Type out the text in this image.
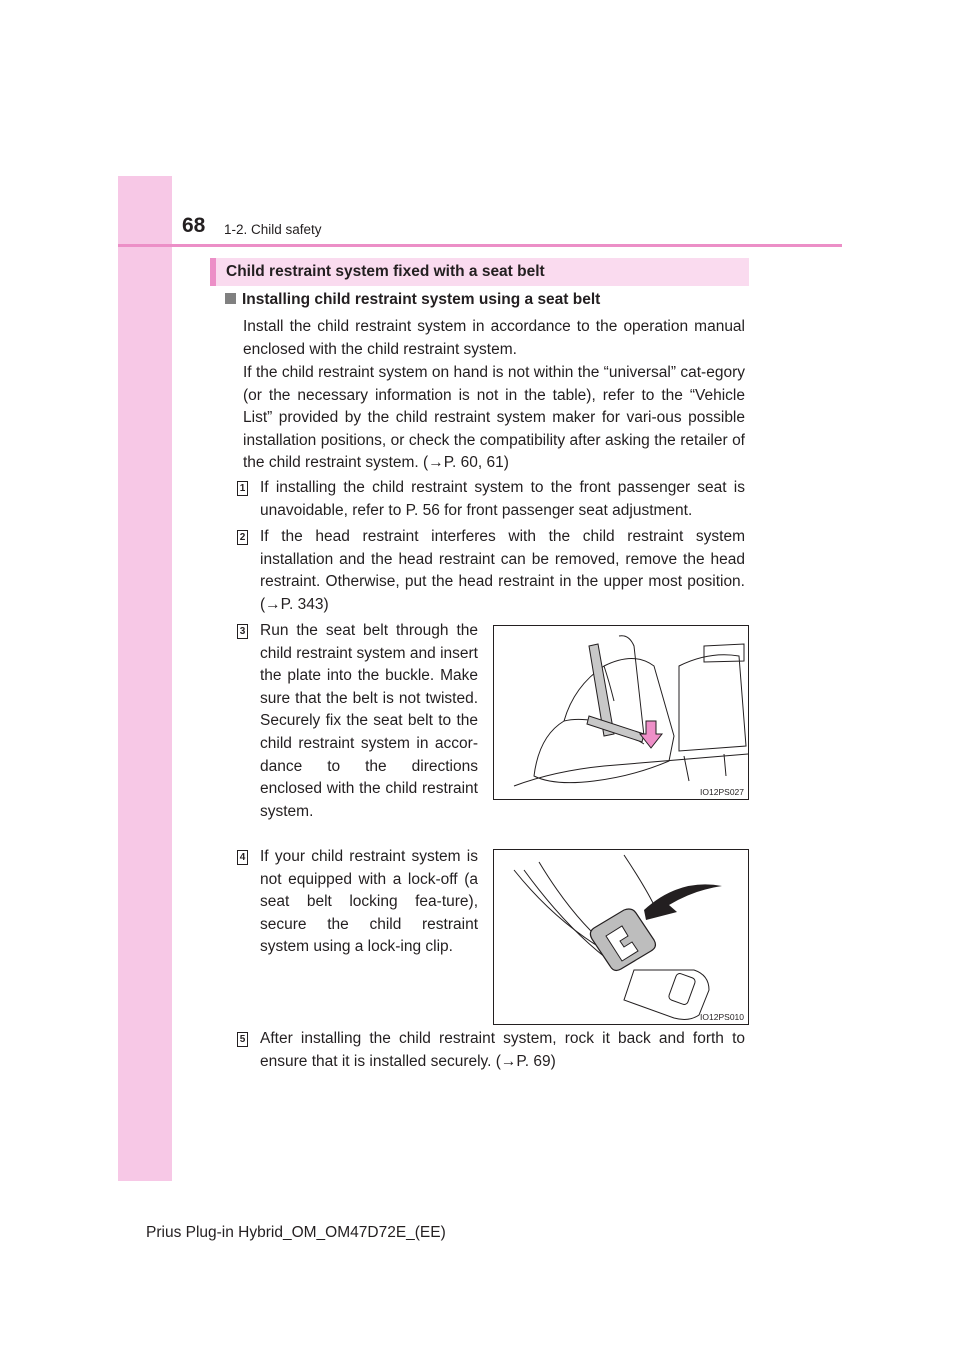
68 1-2. Child safety
Child restraint system fixed with a seat belt
Installing child restraint system using a seat belt

Install the child restraint system in accordance to the operation manual enclosed with the child restraint system.

If the child restraint system on hand is not within the “universal” cat-egory (or the necessary information is not in the table), refer to the “Vehicle List” provided by the child restraint system maker for vari-ous possible installation positions, or check the compatibility after asking the retailer of the child restraint system. (→P. 60, 61)

1 If installing the child restraint system to the front passenger seat is unavoidable, refer to P. 56 for front passenger seat adjustment.

2 If the head restraint interferes with the child restraint system installation and the head restraint can be removed, remove the head restraint. Otherwise, put the head restraint in the upper most position. (→P. 343)

3 Run the seat belt through the child restraint system and insert the plate into the buckle. Make sure that the belt is not twisted. Securely fix the seat belt to the child restraint system in accor-dance to the directions enclosed with the child restraint system.

IO12PS027
4 If your child restraint system is not equipped with a lock-off (a seat belt locking fea-ture), secure the child restraint system using a lock-ing clip.

IO12PS010
5 After installing the child restraint system, rock it back and forth to ensure that it is installed securely. (→P. 69)

Prius Plug-in Hybrid_OM_OM47D72E_(EE)
